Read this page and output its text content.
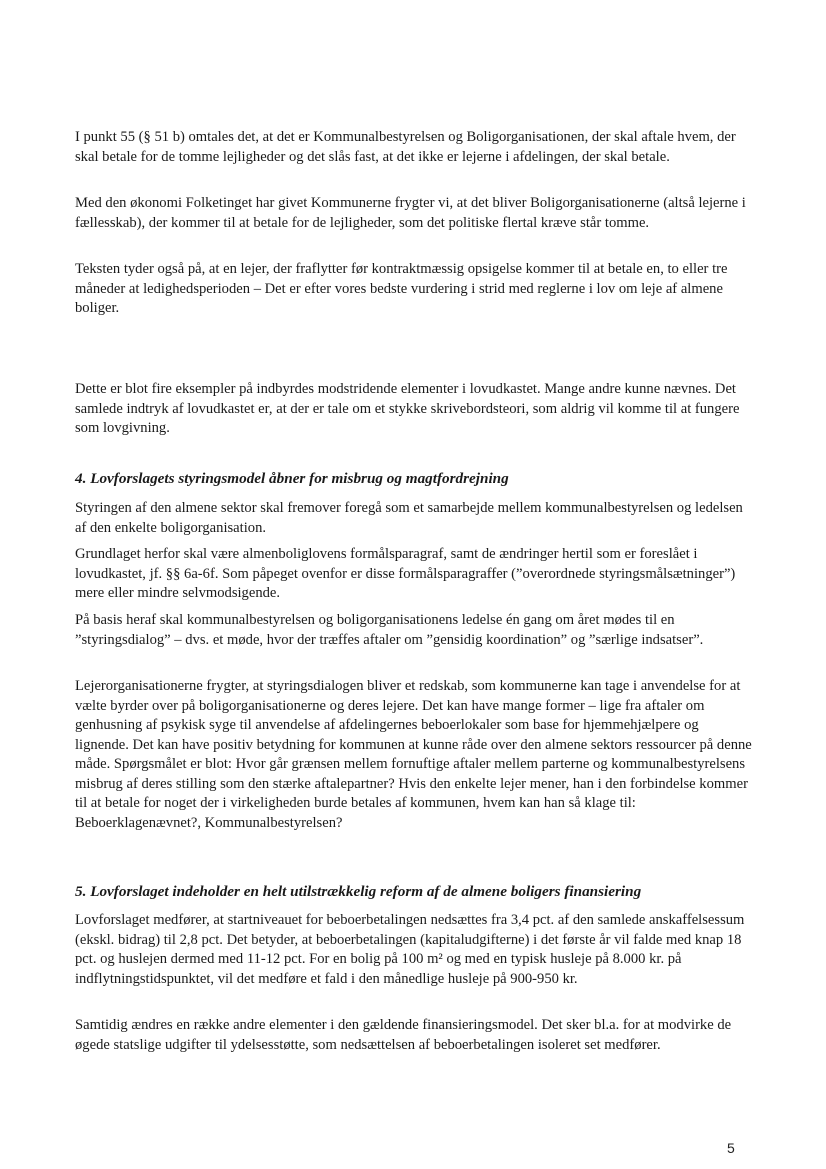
I punkt 55 (§ 51 b) omtales det, at det er Kommunalbestyrelsen og Boligorganisationen, der skal aftale hvem, der skal betale for de tomme lejligheder og det slås fast, at det ikke er lejerne i afdelingen, der skal betale.

Med den økonomi Folketinget har givet Kommunerne frygter vi, at det bliver Boligorganisationerne (altså lejerne i fællesskab), der kommer til at betale for de lejligheder, som det politiske flertal kræve står tomme.

Teksten tyder også på, at en lejer, der fraflytter før kontraktmæssig opsigelse kommer til at betale en, to eller tre måneder at ledighedsperioden – Det er efter vores bedste vurdering i strid med reglerne i lov om leje af almene boliger.

Dette er blot fire eksempler på indbyrdes modstridende elementer i lovudkastet. Mange andre kunne nævnes. Det samlede indtryk af lovudkastet er, at der er tale om et stykke skrivebordsteori, som aldrig vil komme til at fungere som lovgivning.

4. Lovforslagets styringsmodel åbner for misbrug og magtfordrejning

Styringen af den almene sektor skal fremover foregå som et samarbejde mellem kommunalbestyrelsen og ledelsen af den enkelte boligorganisation.

Grundlaget herfor skal være almenboliglovens formålsparagraf, samt de ændringer hertil som er foreslået i lovudkastet, jf. §§ 6a-6f. Som påpeget ovenfor er disse formålsparagraffer (”overordnede styringsmålsætninger”) mere eller mindre selvmodsigende.

På basis heraf skal kommunalbestyrelsen og boligorganisationens ledelse én gang om året mødes til en ”styringsdialog” – dvs. et møde, hvor der træffes aftaler om ”gensidig koordination” og ”særlige indsatser”.

Lejerorganisationerne frygter, at styringsdialogen bliver et redskab, som kommunerne kan tage i anvendelse for at vælte byrder over på boligorganisationerne og deres lejere. Det kan have mange former – lige fra aftaler om genhusning af psykisk syge til anvendelse af afdelingernes beboerlokaler som base for hjemmehjælpere og lignende. Det kan have positiv betydning for kommunen at kunne råde over den almene sektors ressourcer på denne måde. Spørgsmålet er blot: Hvor går grænsen mellem fornuftige aftaler mellem parterne og kommunalbestyrelsens misbrug af deres stilling som den stærke aftalepartner? Hvis den enkelte lejer mener, han i den forbindelse kommer til at betale for noget der i virkeligheden burde betales af kommunen, hvem kan han så klage til: Beboerklagenævnet?, Kommunalbestyrelsen?

5. Lovforslaget indeholder en helt utilstrækkelig reform af de almene boligers finansiering

Lovforslaget medfører, at startniveauet for beboerbetalingen nedsættes fra 3,4 pct. af den samlede anskaffelsessum (ekskl. bidrag) til 2,8 pct. Det betyder, at beboerbetalingen (kapitaludgifterne) i det første år vil falde med knap 18 pct. og huslejen dermed med 11-12 pct. For en bolig på 100 m² og med en typisk husleje på 8.000 kr. på indflytningstidspunktet, vil det medføre et fald i den månedlige husleje på 900-950 kr.

Samtidig ændres en række andre elementer i den gældende finansieringsmodel. Det sker bl.a. for at modvirke de øgede statslige udgifter til ydelsesstøtte, som nedsættelsen af beboerbetalingen isoleret set medfører.

5
